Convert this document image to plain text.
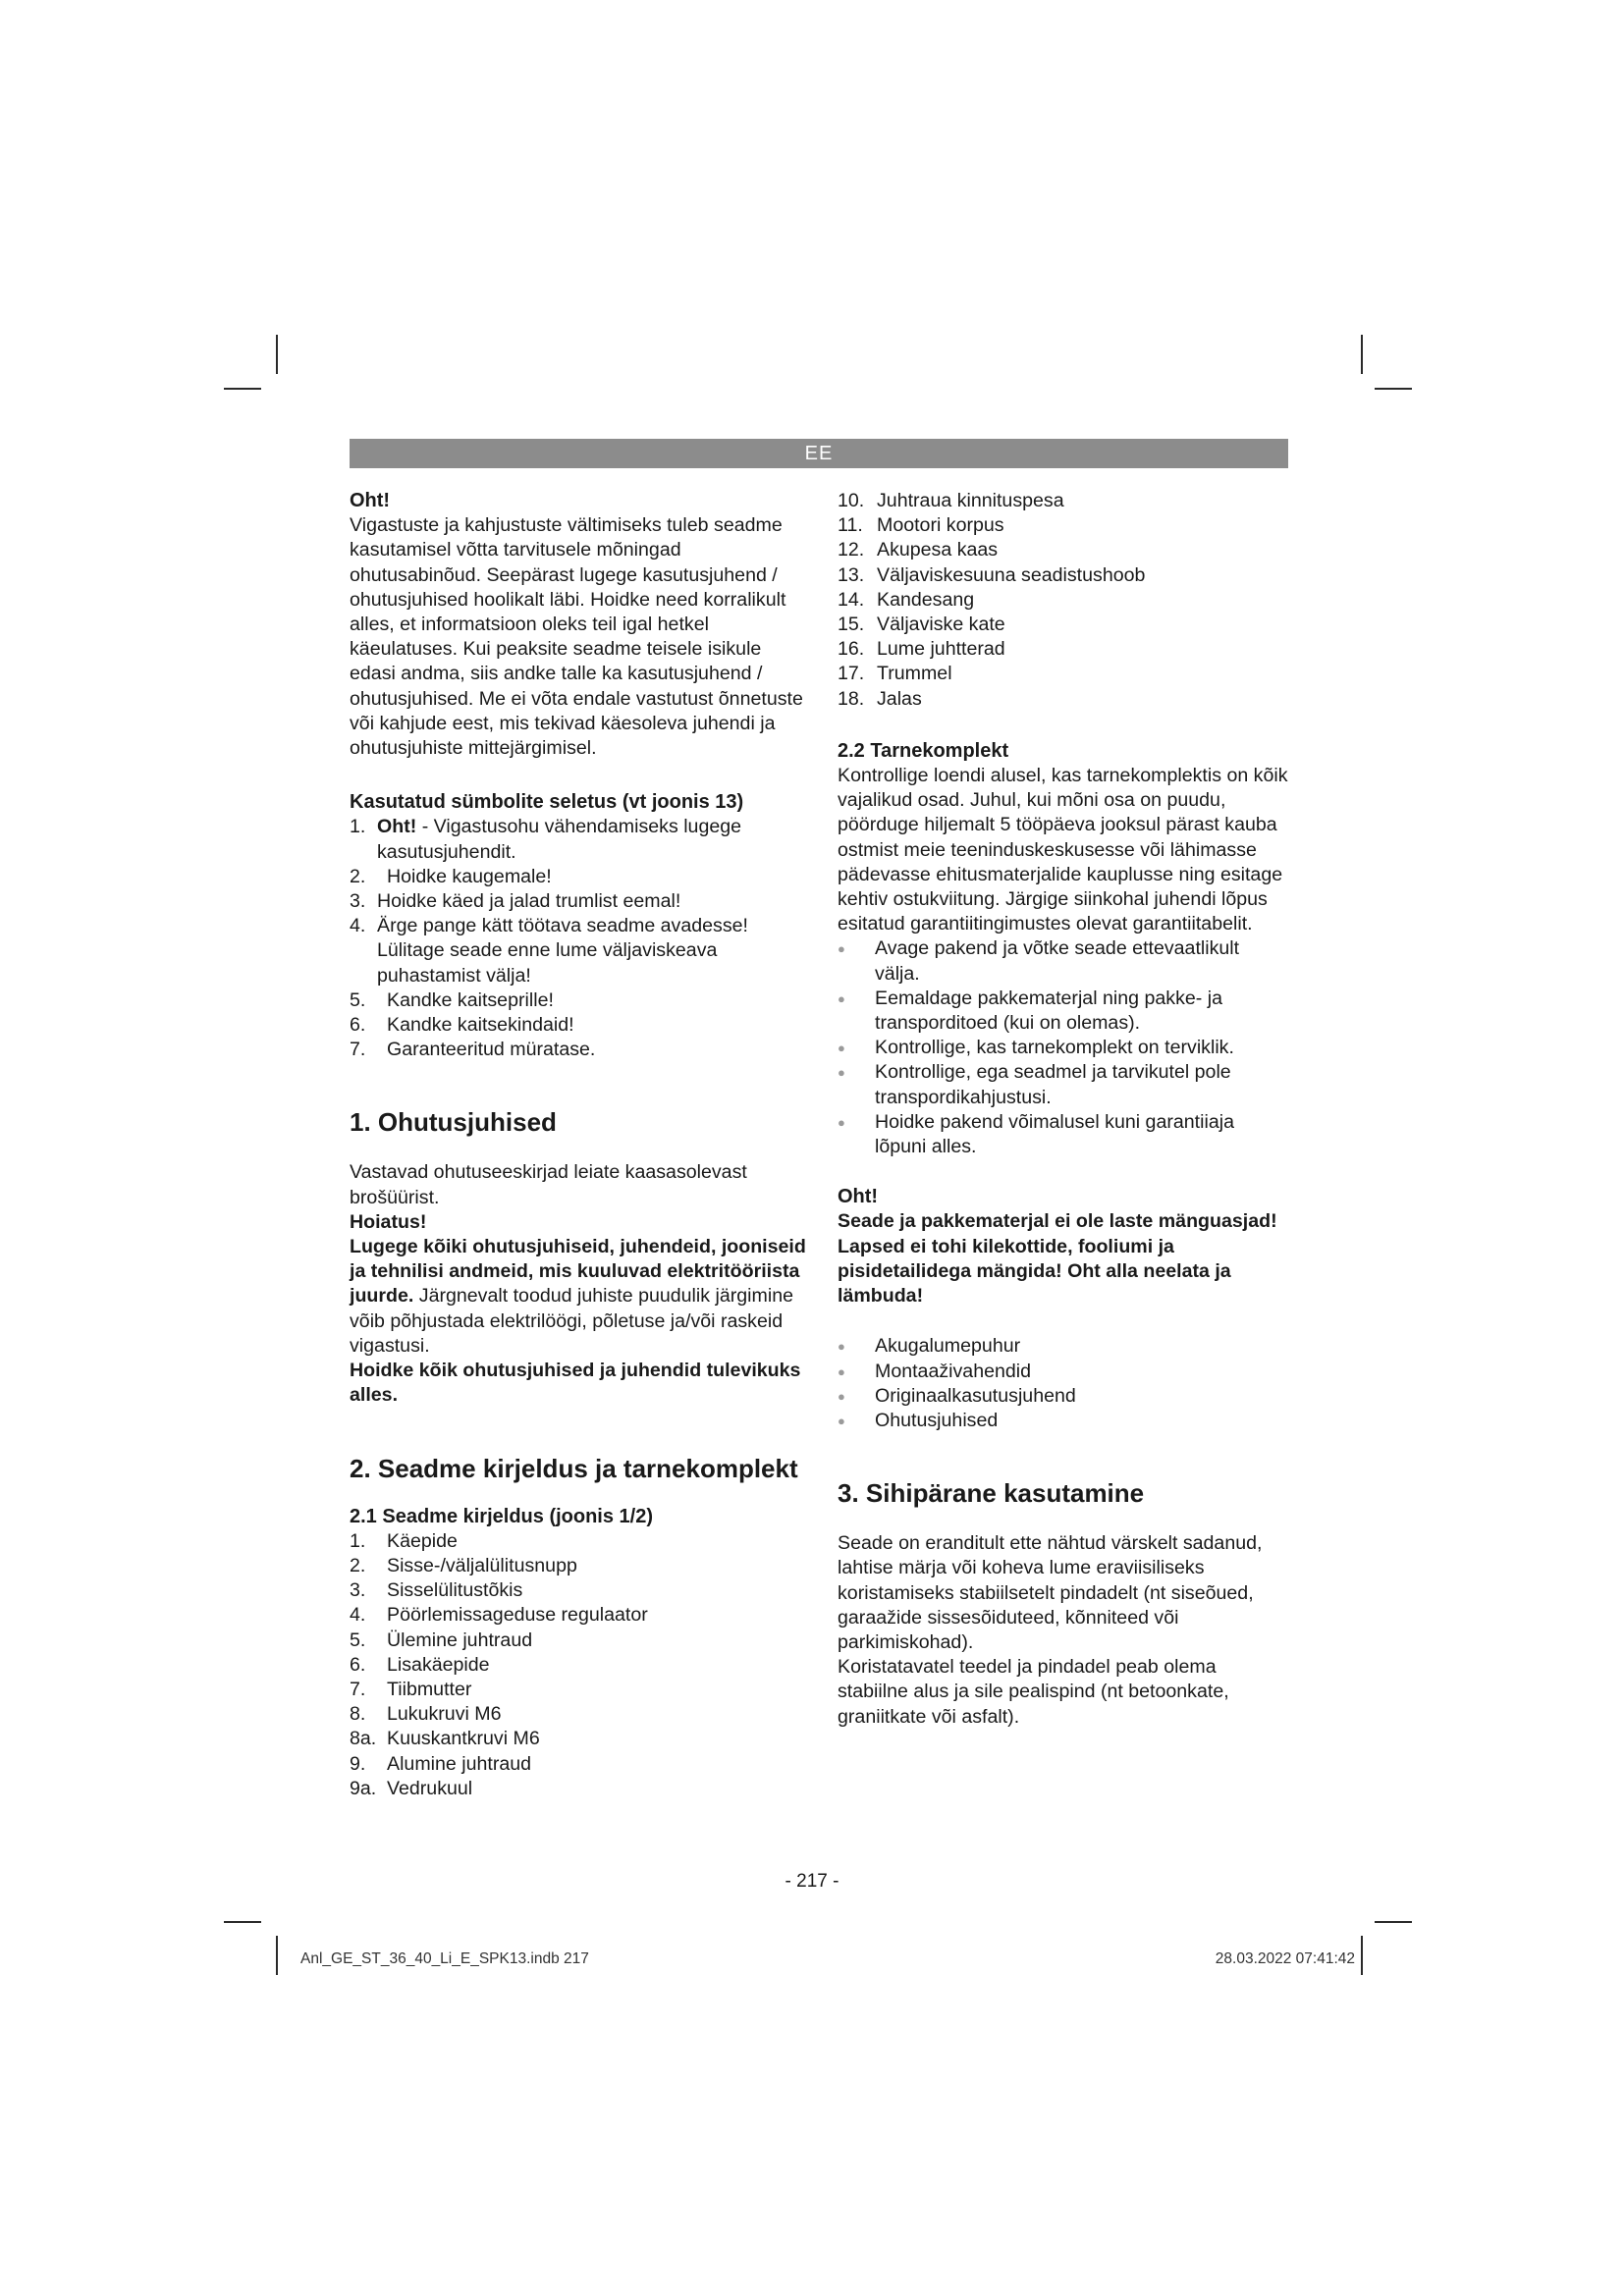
EE

Oht!

Vigastuste ja kahjustuste vältimiseks tuleb seadme kasutamisel võtta tarvitusele mõningad ohutusabinõud. Seepärast lugege kasutusjuhend / ohutusjuhised hoolikalt läbi. Hoidke need korralikult alles, et informatsioon oleks teil igal hetkel käeulatuses. Kui peaksite seadme teisele isikule edasi andma, siis andke talle ka kasutusjuhend / ohutusjuhised. Me ei võta endale vastutust õnnetuste või kahjude eest, mis tekivad käesoleva juhendi ja ohutusjuhiste mittejärgimisel.

Kasutatud sümbolite seletus (vt joonis 13)

1. Oht! - Vigastusohu vähendamiseks lugege kasutusjuhendit.
2.	Hoidke kaugemale!
3. Hoidke käed ja jalad trumlist eemal!
4. Ärge pange kätt töötava seadme avadesse! Lülitage seade enne lume väljaviskeava puhastamist välja!
5.	Kandke kaitseprille!
6.	Kandke kaitsekindaid!
7.	Garanteeritud müratase.

1. Ohutusjuhised

Vastavad ohutuseeskirjad leiate kaasasolevast brošüürist.

Hoiatus!

Lugege kõiki ohutusjuhiseid, juhendeid, jooniseid ja tehnilisi andmeid, mis kuuluvad elektritööriista juurde. Järgnevalt toodud juhiste puudulik järgimine võib põhjustada elektrilöögi, põletuse ja/või raskeid vigastusi.

Hoidke kõik ohutusjuhised ja juhendid tulevikuks alles.

2. Seadme kirjeldus ja tarnekomplekt

2.1 Seadme kirjeldus (joonis 1/2)

1.	Käepide
2.	Sisse-/väljalülitusnupp
3.	Sisselülitustõkis
4.	Pöörlemissageduse regulaator
5.	Ülemine juhtraud
6.	Lisakäepide
7.	Tiibmutter
8.	Lukukruvi M6
8a. Kuuskantkruvi M6
9.	Alumine juhtraud
9a. Vedrukuul
10. Juhtraua kinnituspesa
11. Mootori korpus
12. Akupesa kaas
13. Väljaviskesuuna seadistushoob
14. Kandesang
15. Väljaviske kate
16. Lume juhtterad
17. Trummel
18. Jalas

2.2 Tarnekomplekt

Kontrollige loendi alusel, kas tarnekomplektis on kõik vajalikud osad. Juhul, kui mõni osa on puudu, pöörduge hiljemalt 5 tööpäeva jooksul pärast kauba ostmist meie teeninduskeskusesse või lähimasse pädevasse ehitusmaterjalide kauplusse ning esitage kehtiv ostukviitung. Järgige siinkohal juhendi lõpus esitatud garantiitingimustes olevat garantiitabelit.

●	Avage pakend ja võtke seade ettevaatlikult välja.
●	Eemaldage pakkematerjal ning pakke- ja transporditoed (kui on olemas).
●	Kontrollige, kas tarnekomplekt on terviklik.
●	Kontrollige, ega seadmel ja tarvikutel pole transpordikahjustusi.
●	Hoidke pakend võimalusel kuni garantiiaja lõpuni alles.

Oht!

Seade ja pakkematerjal ei ole laste mänguasjad! Lapsed ei tohi kilekottide, fooliumi ja pisidetailidega mängida! Oht alla neelata ja lämbuda!

●	Akugalumepuhur
●	Montaaživahendid
●	Originaalkasutusjuhend
●	Ohutusjuhised

3. Sihipärane kasutamine

Seade on eranditult ette nähtud värskelt sadanud, lahtise märja või koheva lume eraviisiliseks koristamiseks stabiilsetelt pindadelt (nt siseõued, garaažide sissesõiduteed, kõnniteed või parkimiskohad).

Koristatavatel teedel ja pindadel peab olema stabiilne alus ja sile pealispind (nt betoonkate, graniitkate või asfalt).

- 217 -
Anl_GE_ST_36_40_Li_E_SPK13.indb 217	28.03.2022 07:41:42
